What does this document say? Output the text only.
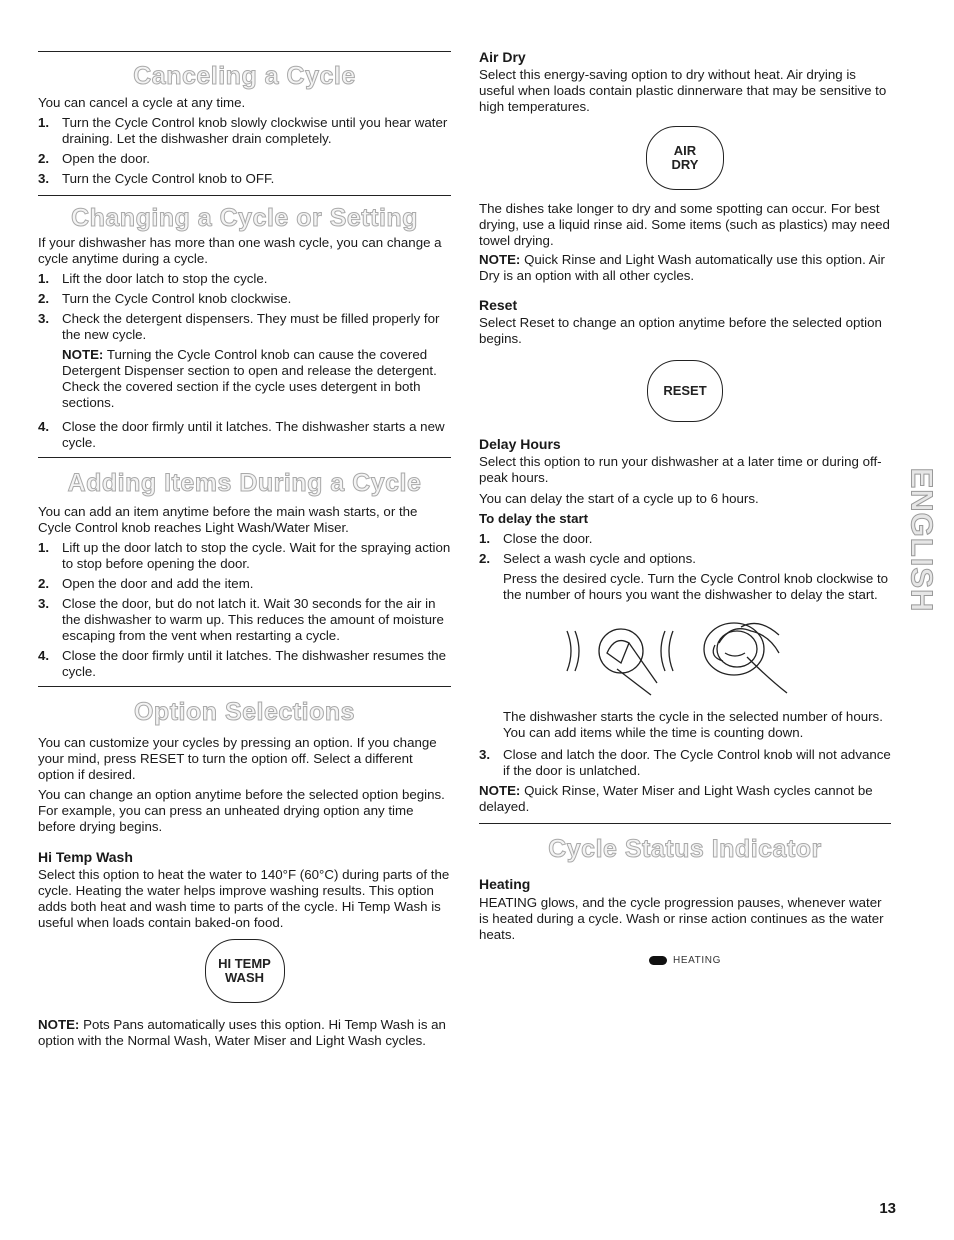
Canceling a Cycle

You can cancel a cycle at any time.

1. Turn the Cycle Control knob slowly clockwise until you hear water draining. Let the dishwasher drain completely.
2. Open the door.
3. Turn the Cycle Control knob to OFF.
Changing a Cycle or Setting

If your dishwasher has more than one wash cycle, you can change a cycle anytime during a cycle.

1. Lift the door latch to stop the cycle.
2. Turn the Cycle Control knob clockwise.
3. Check the detergent dispensers. They must be filled properly for the new cycle.

NOTE: Turning the Cycle Control knob can cause the covered Detergent Dispenser section to open and release the detergent. Check the covered section if the cycle uses detergent in both sections.

4. Close the door firmly until it latches. The dishwasher starts a new cycle.
Adding Items During a Cycle

You can add an item anytime before the main wash starts, or the Cycle Control knob reaches Light Wash/Water Miser.

1. Lift up the door latch to stop the cycle. Wait for the spraying action to stop before opening the door.
2. Open the door and add the item.
3. Close the door, but do not latch it. Wait 30 seconds for the air in the dishwasher to warm up. This reduces the amount of moisture escaping from the vent when restarting a cycle.
4. Close the door firmly until it latches. The dishwasher resumes the cycle.
Option Selections

You can customize your cycles by pressing an option. If you change your mind, press RESET to turn the option off. Select a different option if desired.

You can change an option anytime before the selected option begins. For example, you can press an unheated drying option any time before drying begins.

Hi Temp Wash

Select this option to heat the water to 140°F (60°C) during parts of the cycle. Heating the water helps improve washing results. This option adds both heat and wash time to parts of the cycle. Hi Temp Wash is useful when loads contain baked-on food.

HI TEMP
WASH

NOTE: Pots Pans automatically uses this option. Hi Temp Wash is an option with the Normal Wash, Water Miser and Light Wash cycles.

Air Dry

Select this energy-saving option to dry without heat. Air drying is useful when loads contain plastic dinnerware that may be sensitive to high temperatures.

AIR
DRY

The dishes take longer to dry and some spotting can occur. For best drying, use a liquid rinse aid. Some items (such as plastics) may need towel drying.

NOTE: Quick Rinse and Light Wash automatically use this option. Air Dry is an option with all other cycles.

Reset

Select Reset to change an option anytime before the selected option begins.

RESET
Delay Hours

Select this option to run your dishwasher at a later time or during off-peak hours.

You can delay the start of a cycle up to 6 hours.

To delay the start
1. Close the door.
2. Select a wash cycle and options.

Press the desired cycle. Turn the Cycle Control knob clockwise to the number of hours you want the dishwasher to delay the start.

The dishwasher starts the cycle in the selected number of hours. You can add items while the time is counting down.

3. Close and latch the door. The Cycle Control knob will not advance if the door is unlatched.

NOTE: Quick Rinse, Water Miser and Light Wash cycles cannot be delayed.

Cycle Status Indicator
Heating

HEATING glows, and the cycle progression pauses, whenever water is heated during a cycle. Wash or rinse action continues as the water heats.

HEATING
ENGLISH
13
